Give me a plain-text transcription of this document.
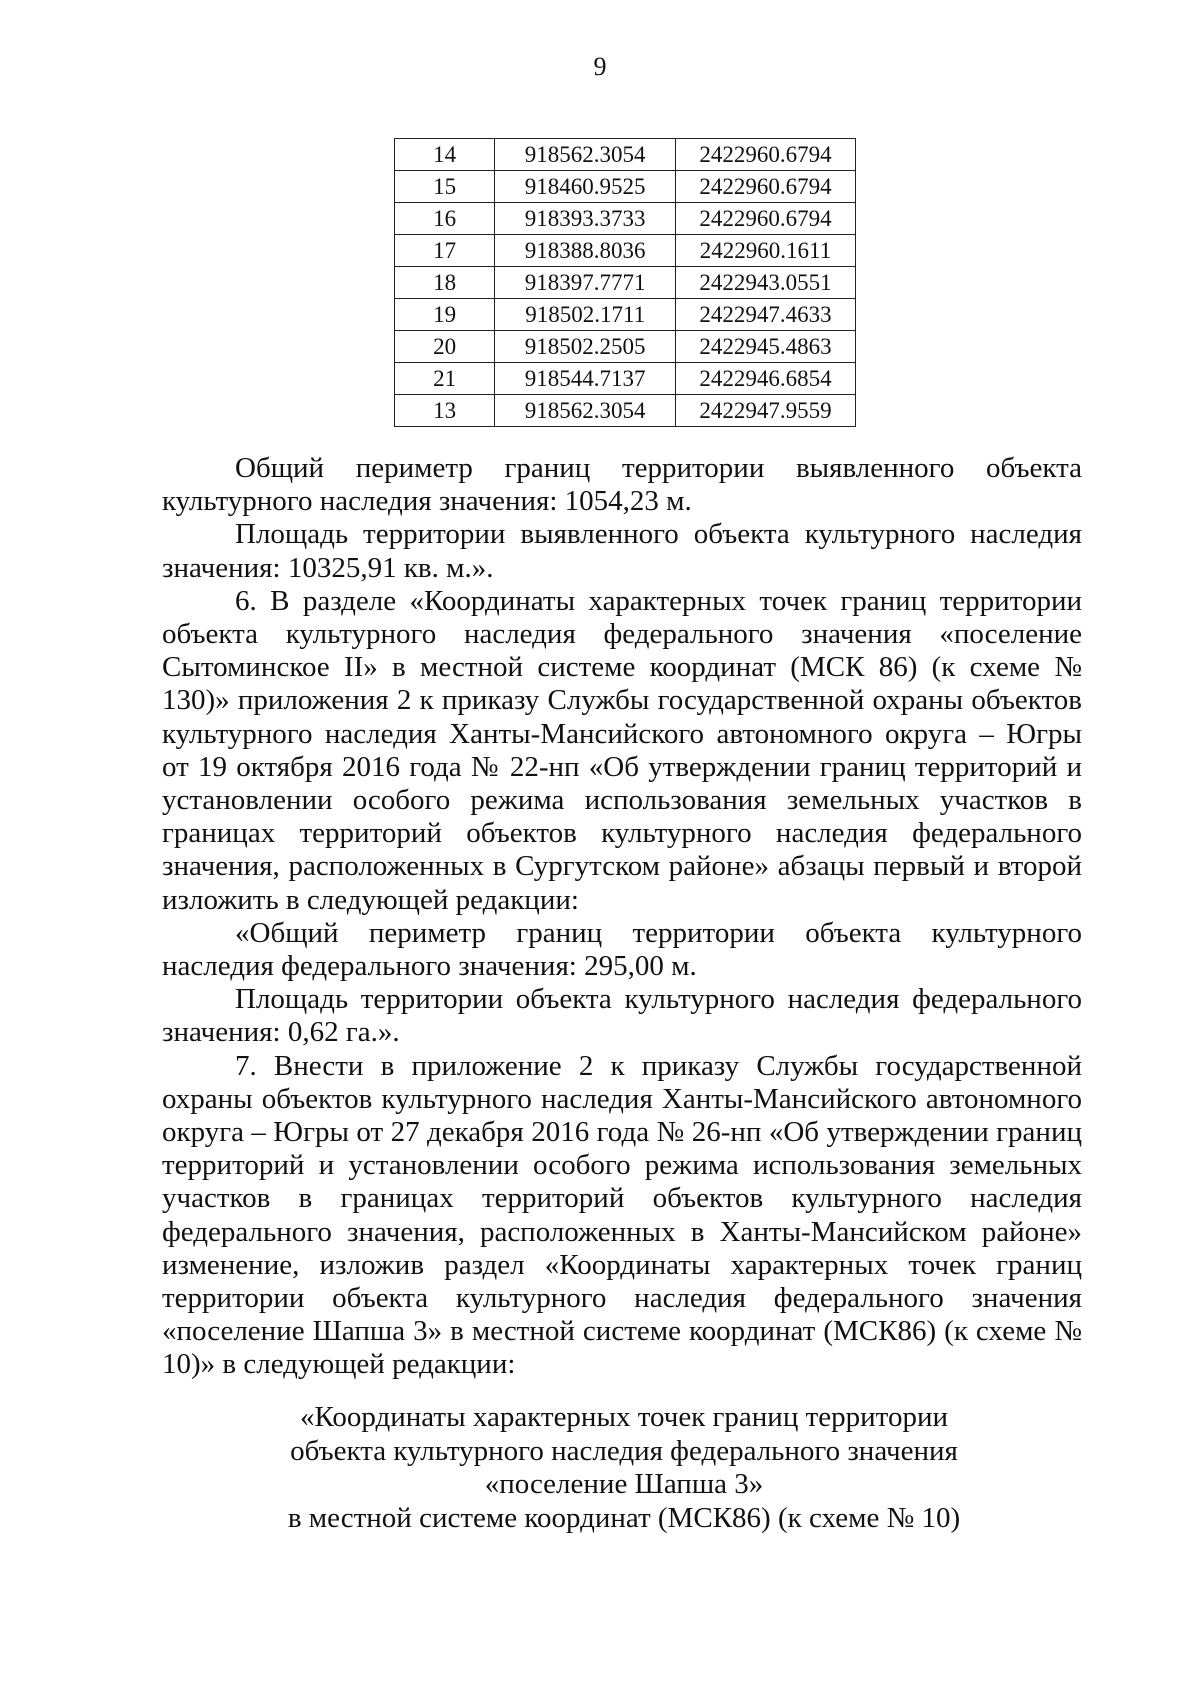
9
14	918562.3054	2422960.6794
15	918460.9525	2422960.6794
16	918393.3733	2422960.6794
17	918388.8036	2422960.1611
18	918397.7771	2422943.0551
19	918502.1711	2422947.4633
20	918502.2505	2422945.4863
21	918544.7137	2422946.6854
13	918562.3054	2422947.9559

Общий периметр границ территории выявленного объекта культурного наследия значения: 1054,23 м.

Площадь территории выявленного объекта культурного наследия значения: 10325,91 кв. м.».

6. В разделе «Координаты характерных точек границ территории объекта культурного наследия федерального значения «поселение Сытоминское II» в местной системе координат (МСК 86) (к схеме № 130)» приложения 2 к приказу Службы государственной охраны объектов культурного наследия Ханты-Мансийского автономного округа – Югры от 19 октября 2016 года № 22-нп «Об утверждении границ территорий и установлении особого режима использования земельных участков в границах территорий объектов культурного наследия федерального значения, расположенных в Сургутском районе» абзацы первый и второй изложить в следующей редакции:

«Общий периметр границ территории объекта культурного наследия федерального значения: 295,00 м.

Площадь территории объекта культурного наследия федерального значения: 0,62 га.».

7. Внести в приложение 2 к приказу Службы государственной охраны объектов культурного наследия Ханты-Мансийского автономного округа – Югры от 27 декабря 2016 года № 26-нп «Об утверждении границ территорий и установлении особого режима использования земельных участков в границах территорий объектов культурного наследия федерального значения, расположенных в Ханты-Мансийском районе» изменение, изложив раздел «Координаты характерных точек границ территории объекта культурного наследия федерального значения «поселение Шапша 3» в местной системе координат (МСК86) (к схеме № 10)» в следующей редакции:

«Координаты характерных точек границ территории
объекта культурного наследия федерального значения
«поселение Шапша 3»
в местной системе координат (МСК86) (к схеме № 10)
